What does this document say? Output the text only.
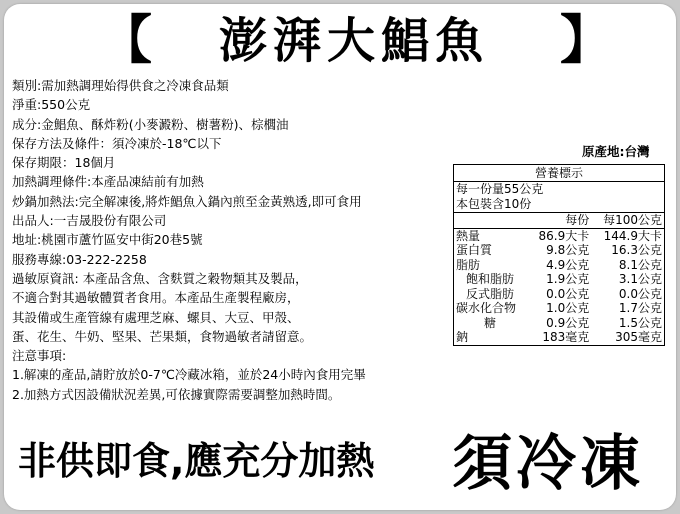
【	澎湃大鯧魚	】
類別:需加熱調理始得供食之冷凍食品類
淨重:550公克
成分:金鯧魚、酥炸粉(小麥澱粉、樹薯粉)、棕櫚油
保存方法及條件：須冷凍於-18℃以下
保存期限：18個月
加熱調理條件:本產品凍結前有加熱
炒鍋加熱法:完全解凍後,將炸鯧魚入鍋內煎至金黃熟透,即可食用
出品人:一吉晟股份有限公司
地址:桃園市蘆竹區安中街20巷5號
服務專線:03-222-2258
過敏原資訊: 本產品含魚、含麩質之穀物類其及製品，
不適合對其過敏體質者食用。本產品生產製程廠房，
其設備或生產管線有處理芝麻、螺貝、大豆、甲殼、
蛋、花生、牛奶、堅果、芒果類，食物過敏者請留意。
注意事項:
1.解凍的產品,請貯放於0-7℃冷藏冰箱，並於24小時內食用完畢
2.加熱方式因設備狀況差異,可依據實際需要調整加熱時間。
原產地:台灣
營養標示
每一份量55公克
本包裝含10份
	每份	每100公克
熱量	86.9大卡	144.9大卡
蛋白質	9.8公克	16.3公克
脂肪	4.9公克	8.1公克
飽和脂肪	1.9公克	3.1公克
反式脂肪	0.0公克	0.0公克
碳水化合物	1.0公克	1.7公克
糖	0.9公克	1.5公克
鈉	183毫克	305毫克
非供即食,應充分加熱 須冷凍
